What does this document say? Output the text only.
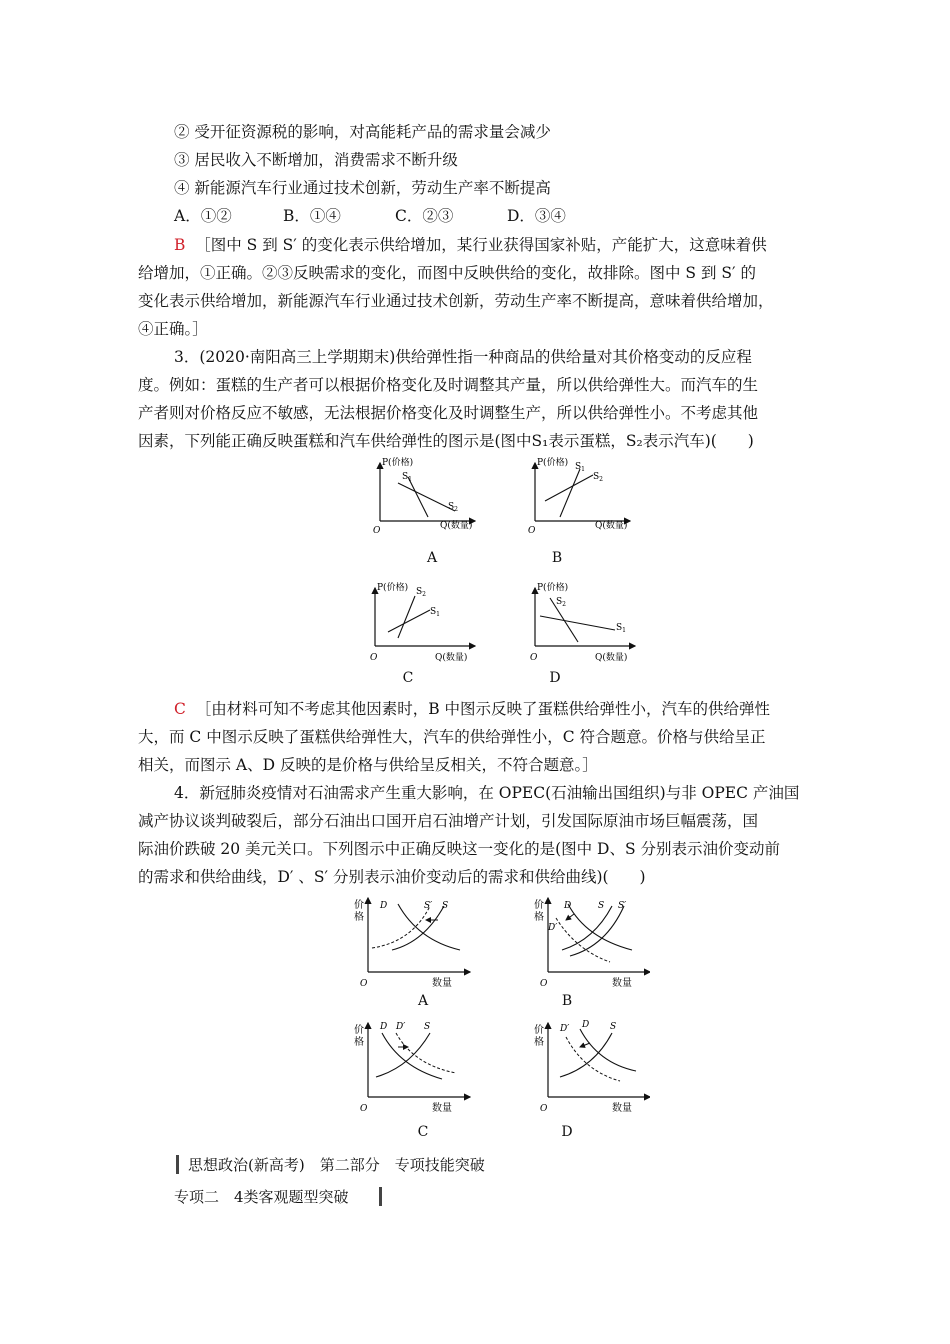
② 受开征资源税的影响，对高能耗产品的需求量会减少
③ 居民收入不断增加，消费需求不断升级
④ 新能源汽车行业通过技术创新，劳动生产率不断提高
A．①②	B．①④	C．②③	D．③④
B ［图中 S 到 S′ 的变化表示供给增加，某行业获得国家补贴，产能扩大，这意味着供
给增加，①正确。②③反映需求的变化，而图中反映供给的变化，故排除。图中 S 到 S′ 的
变化表示供给增加，新能源汽车行业通过技术创新，劳动生产率不断提高，意味着供给增加，
④正确。］
3．(2020·南阳高三上学期期末)供给弹性指一种商品的供给量对其价格变动的反应程
度。例如：蛋糕的生产者可以根据价格变化及时调整其产量，所以供给弹性大。而汽车的生
产者则对价格反应不敏感，无法根据价格变化及时调整生产，所以供给弹性小。不考虑其他
因素，下列能正确反映蛋糕和汽车供给弹性的图示是(图中S₁表示蛋糕，S₂表示汽车)(　　)
P(价格)
Q(数量)
O
$S_1$
$S_2$
P(价格)
Q(数量)
O
$S_1$
$S_2$
P(价格)
Q(数量)
O
$S_2$
$S_1$
P(价格)
Q(数量)
O
$S_2$
$S_1$
A	B
C	D
C ［由材料可知不考虑其他因素时，B 中图示反映了蛋糕供给弹性小，汽车的供给弹性
大，而 C 中图示反映了蛋糕供给弹性大，汽车的供给弹性小，C 符合题意。价格与供给呈正
相关，而图示 A、D 反映的是价格与供给呈反相关，不符合题意。］
4．新冠肺炎疫情对石油需求产生重大影响，在 OPEC(石油输出国组织)与非 OPEC 产油国
减产协议谈判破裂后，部分石油出口国开启石油增产计划，引发国际原油市场巨幅震荡，国
际油价跌破 20 美元关口。下列图示中正确反映这一变化的是(图中 D、S 分别表示油价变动前
的需求和供给曲线，D′ 、S′ 分别表示油价变动后的需求和供给曲线)(　　)
价
格
数量
O
D	S′ S	价
格
数量
O
D
D′
S S′
价
格
数量
O
D D′ S	价
格
数量
O
D′ D S
A	B
C	D
思想政治(新高考)　第二部分　专项技能突破
专项二　4类客观题型突破
